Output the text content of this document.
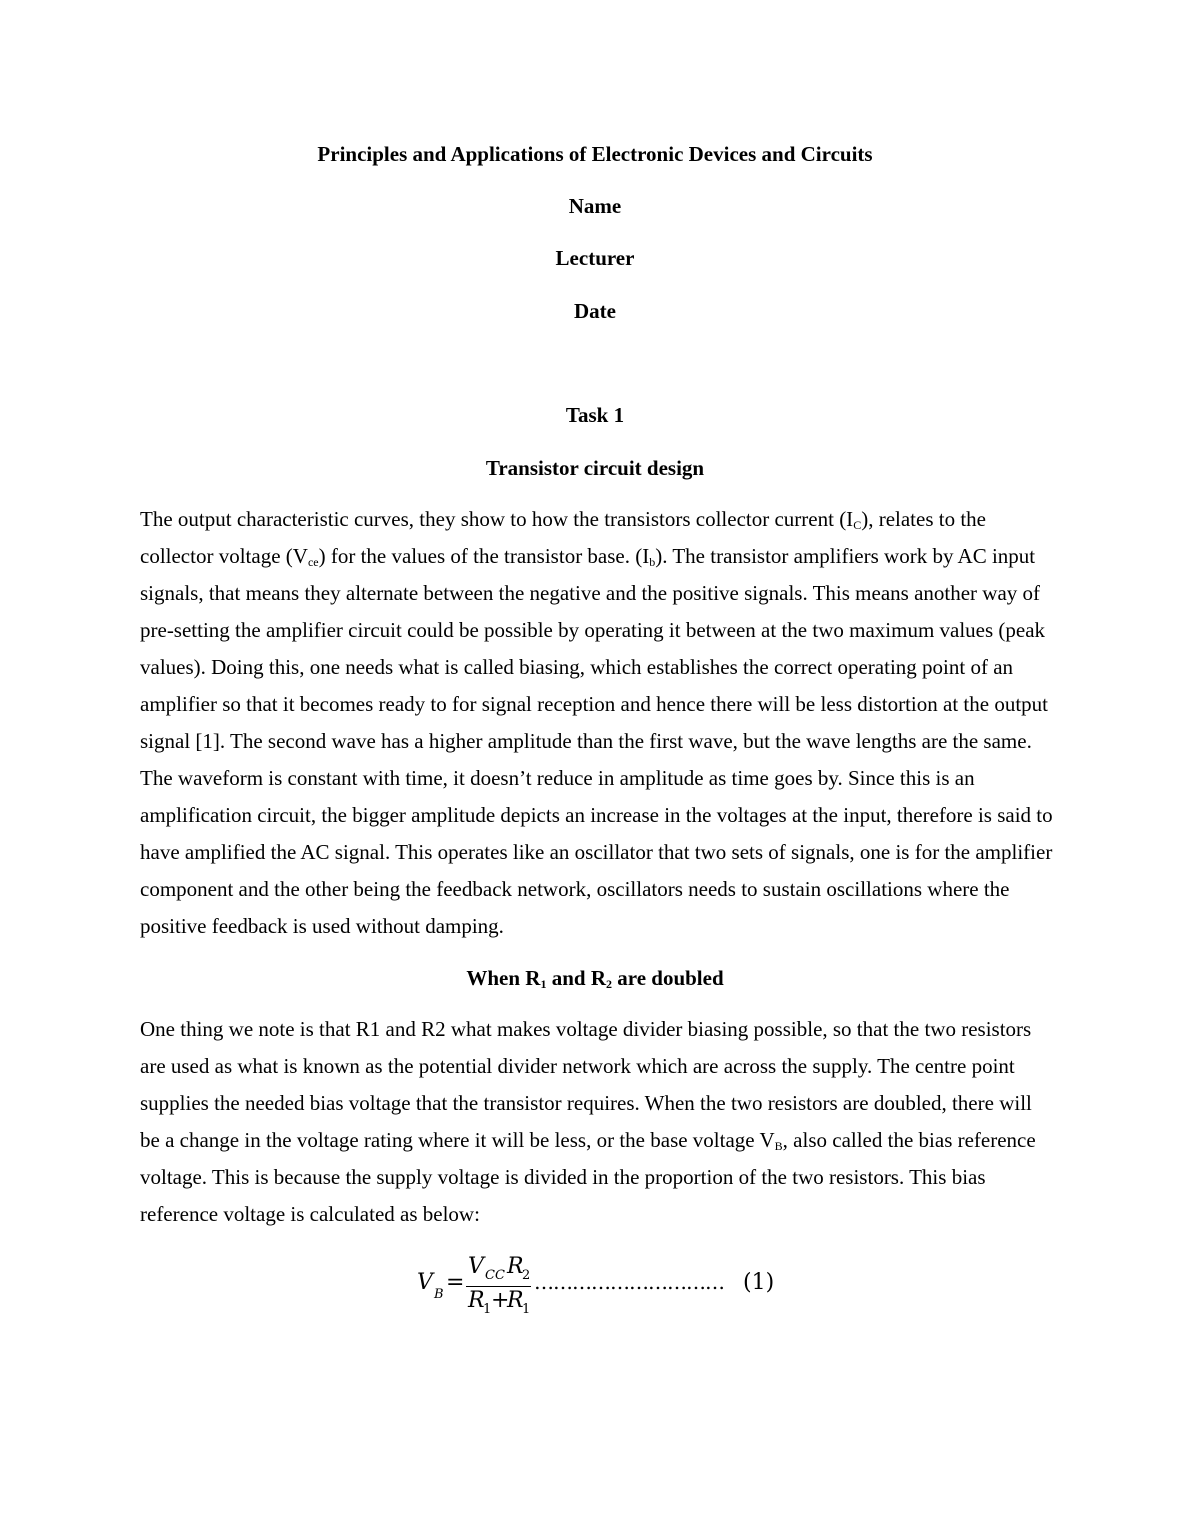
Principles and Applications of Electronic Devices and Circuits
Name
Lecturer
Date
Task 1
Transistor circuit design

The output characteristic curves, they show to how the transistors collector current $(I_C)$, relates to the collector voltage $(V_{ce})$ for the values of the transistor base. $(I_b)$. The transistor amplifiers work by AC input signals, that means they alternate between the negative and the positive signals. This means another way of pre-setting the amplifier circuit could be possible by operating it between at the two maximum values (peak values). Doing this, one needs what is called biasing, which establishes the correct operating point of an amplifier so that it becomes ready to for signal reception and hence there will be less distortion at the output signal [1]. The second wave has a higher amplitude than the first wave, but the wave lengths are the same. The waveform is constant with time, it doesn’t reduce in amplitude as time goes by. Since this is an amplification circuit, the bigger amplitude depicts an increase in the voltages at the input, therefore is said to have amplified the AC signal. This operates like an oscillator that two sets of signals, one is for the amplifier component and the other being the feedback network, oscillators needs to sustain oscillations where the positive feedback is used without damping.

When R1 and R2 are doubled

One thing we note is that R1 and R2 what makes voltage divider biasing possible, so that the two resistors are used as what is known as the potential divider network which are across the supply. The centre point supplies the needed bias voltage that the transistor requires. When the two resistors are doubled, there will be a change in the voltage rating where it will be less, or the base voltage $V_B$, also called the bias reference voltage. This is because the supply voltage is divided in the proportion of the two resistors. This bias reference voltage is calculated as below:

V B =
V CC R
2
R
1 +
R
1
………………………… (1)
